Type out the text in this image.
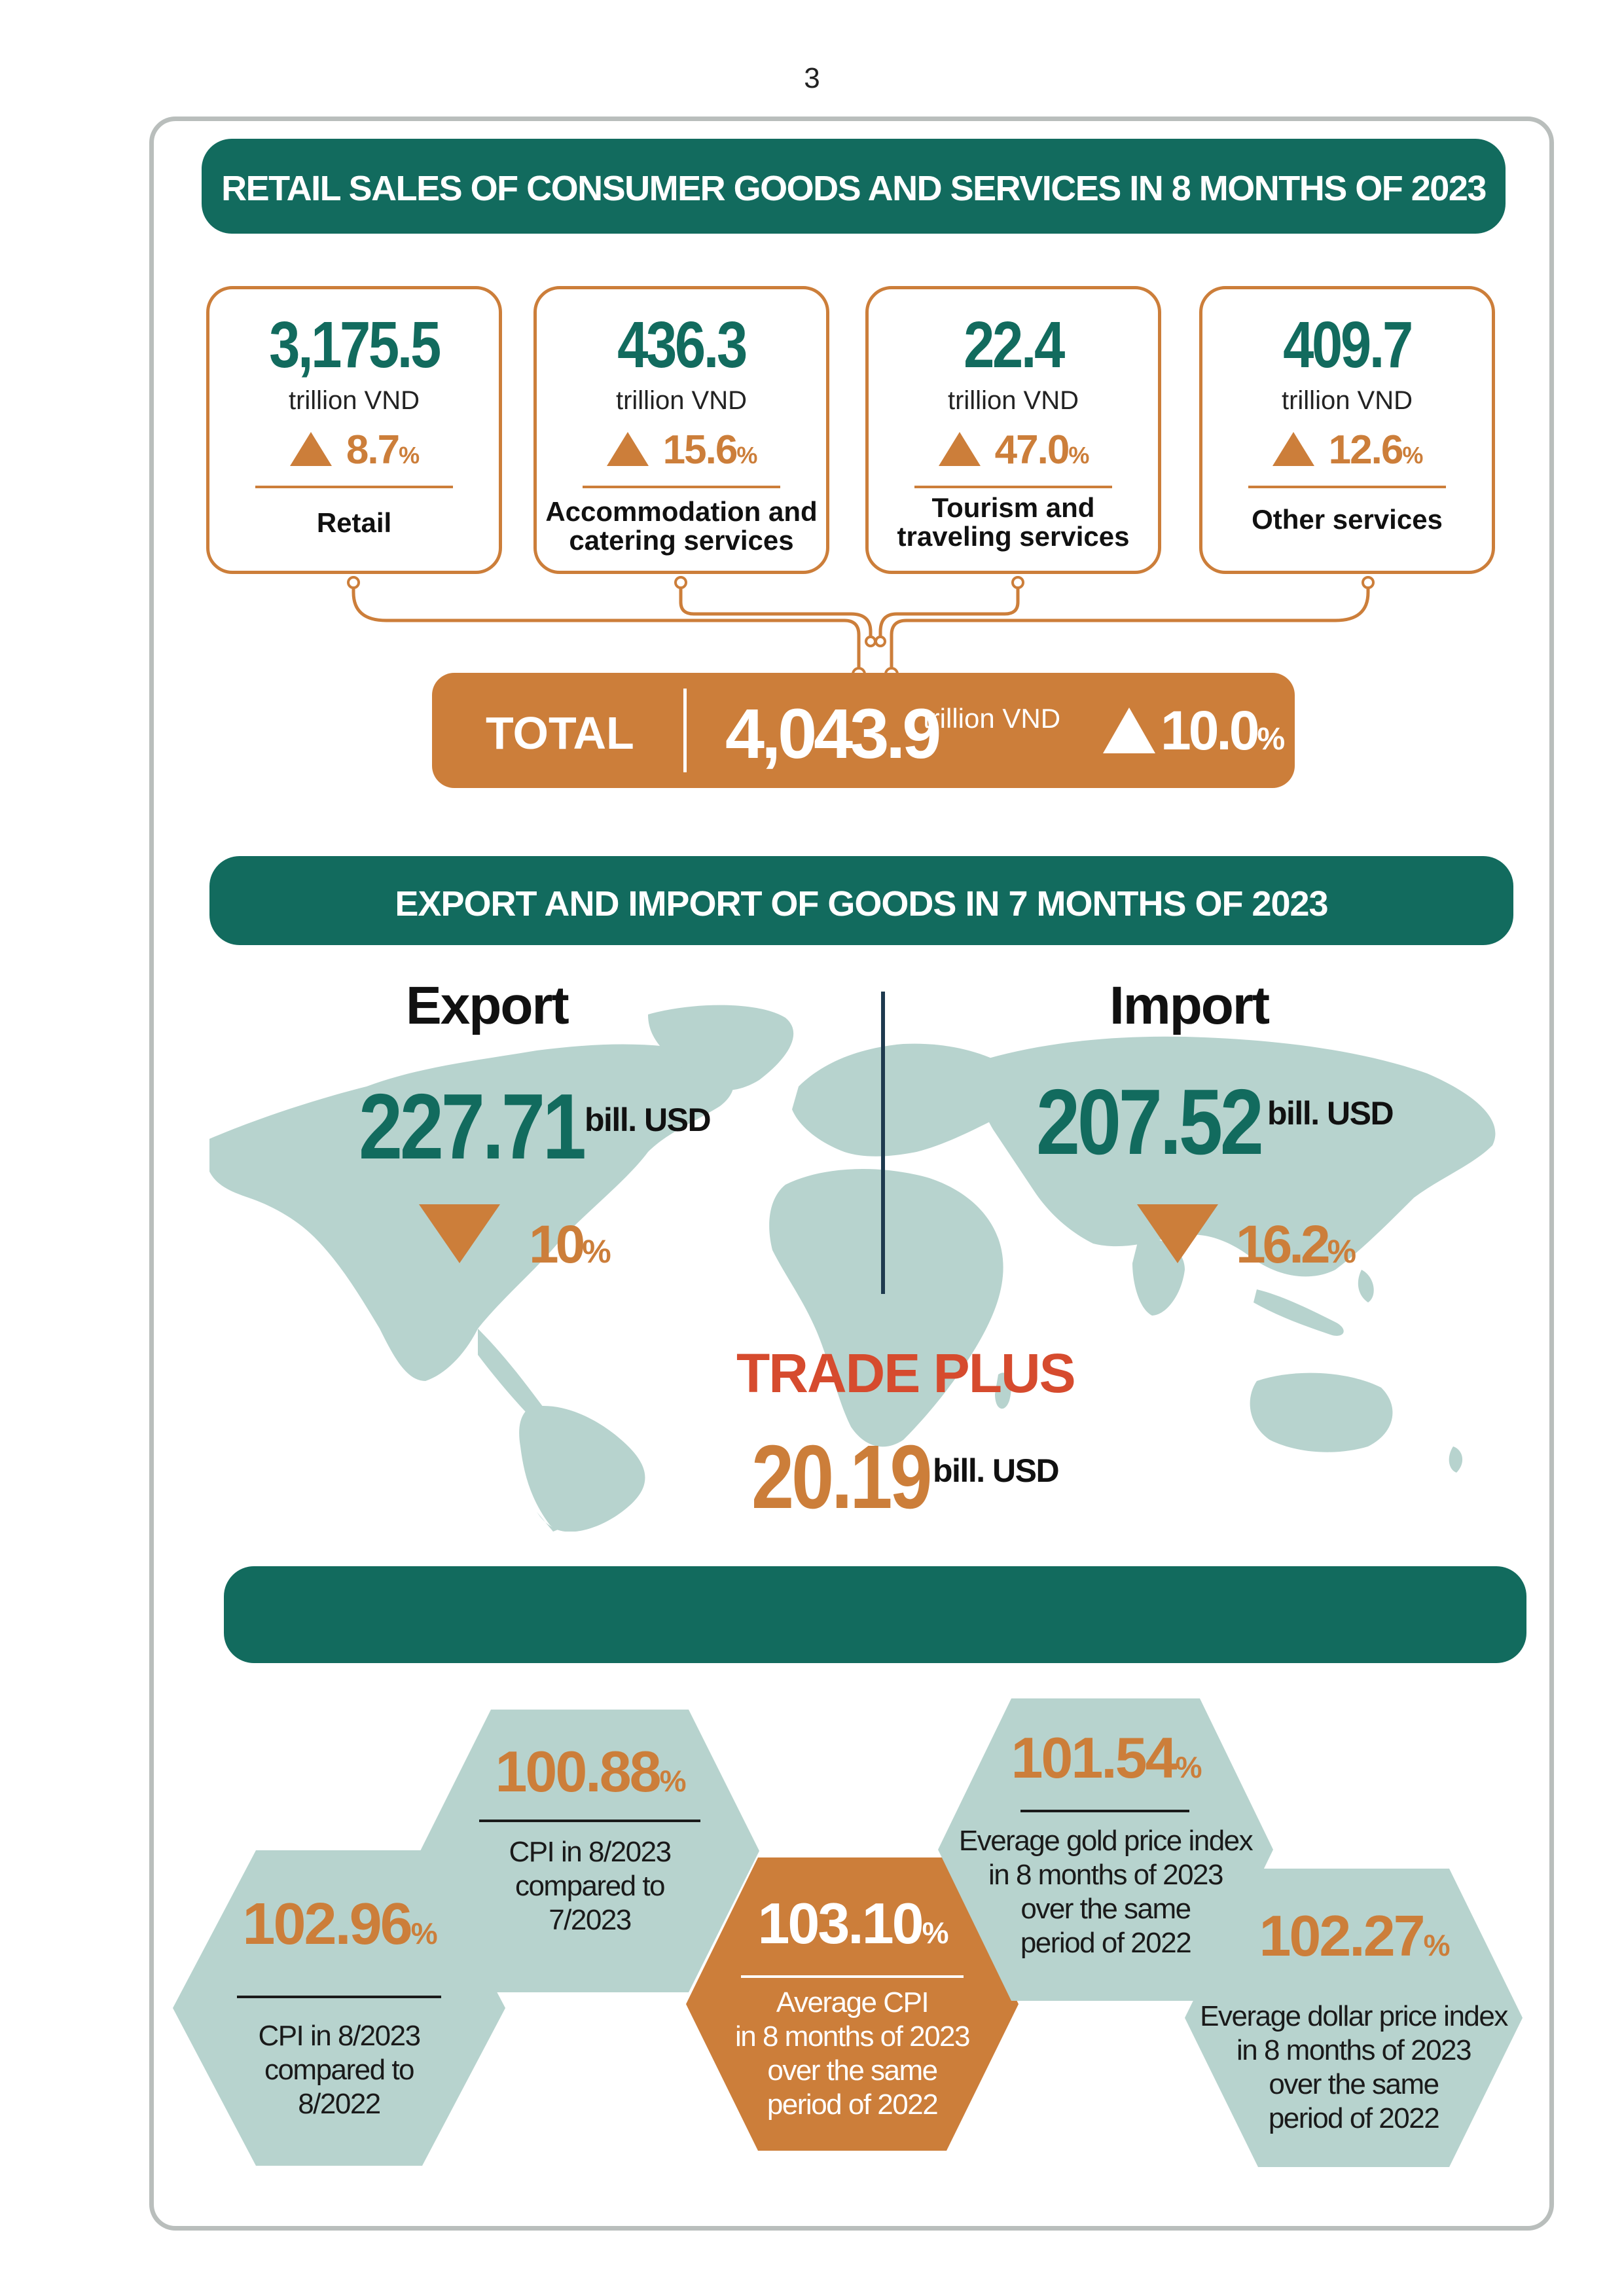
3
RETAIL SALES OF CONSUMER GOODS AND SERVICES IN 8 MONTHS OF 2023
3,175.5
trillion VND
8.7%
Retail
436.3
trillion VND
15.6%
Accommodation and
catering services
22.4
trillion VND
47.0%
Tourism and
traveling services
409.7
trillion VND
12.6%
Other services
TOTAL 4,043.9
trillion VND	10.0%
EXPORT AND IMPORT OF GOODS IN 7 MONTHS OF 2023
Export
227.71 bill. USD
10%
Import
207.52 bill. USD
16.2%
TRADE PLUS
20.19 bill. USD
102.96%
CPI in 8/2023
compared to
8/2022
100.88%
CPI in 8/2023
compared to
7/2023	103.10%
Average CPI
in 8 months of 2023
over the same
period of 2022
101.54%
Everage gold price index
in 8 months of 2023
over the same
period of 2022	102.27%
Everage dollar price index
in 8 months of 2023
over the same
period of 2022
